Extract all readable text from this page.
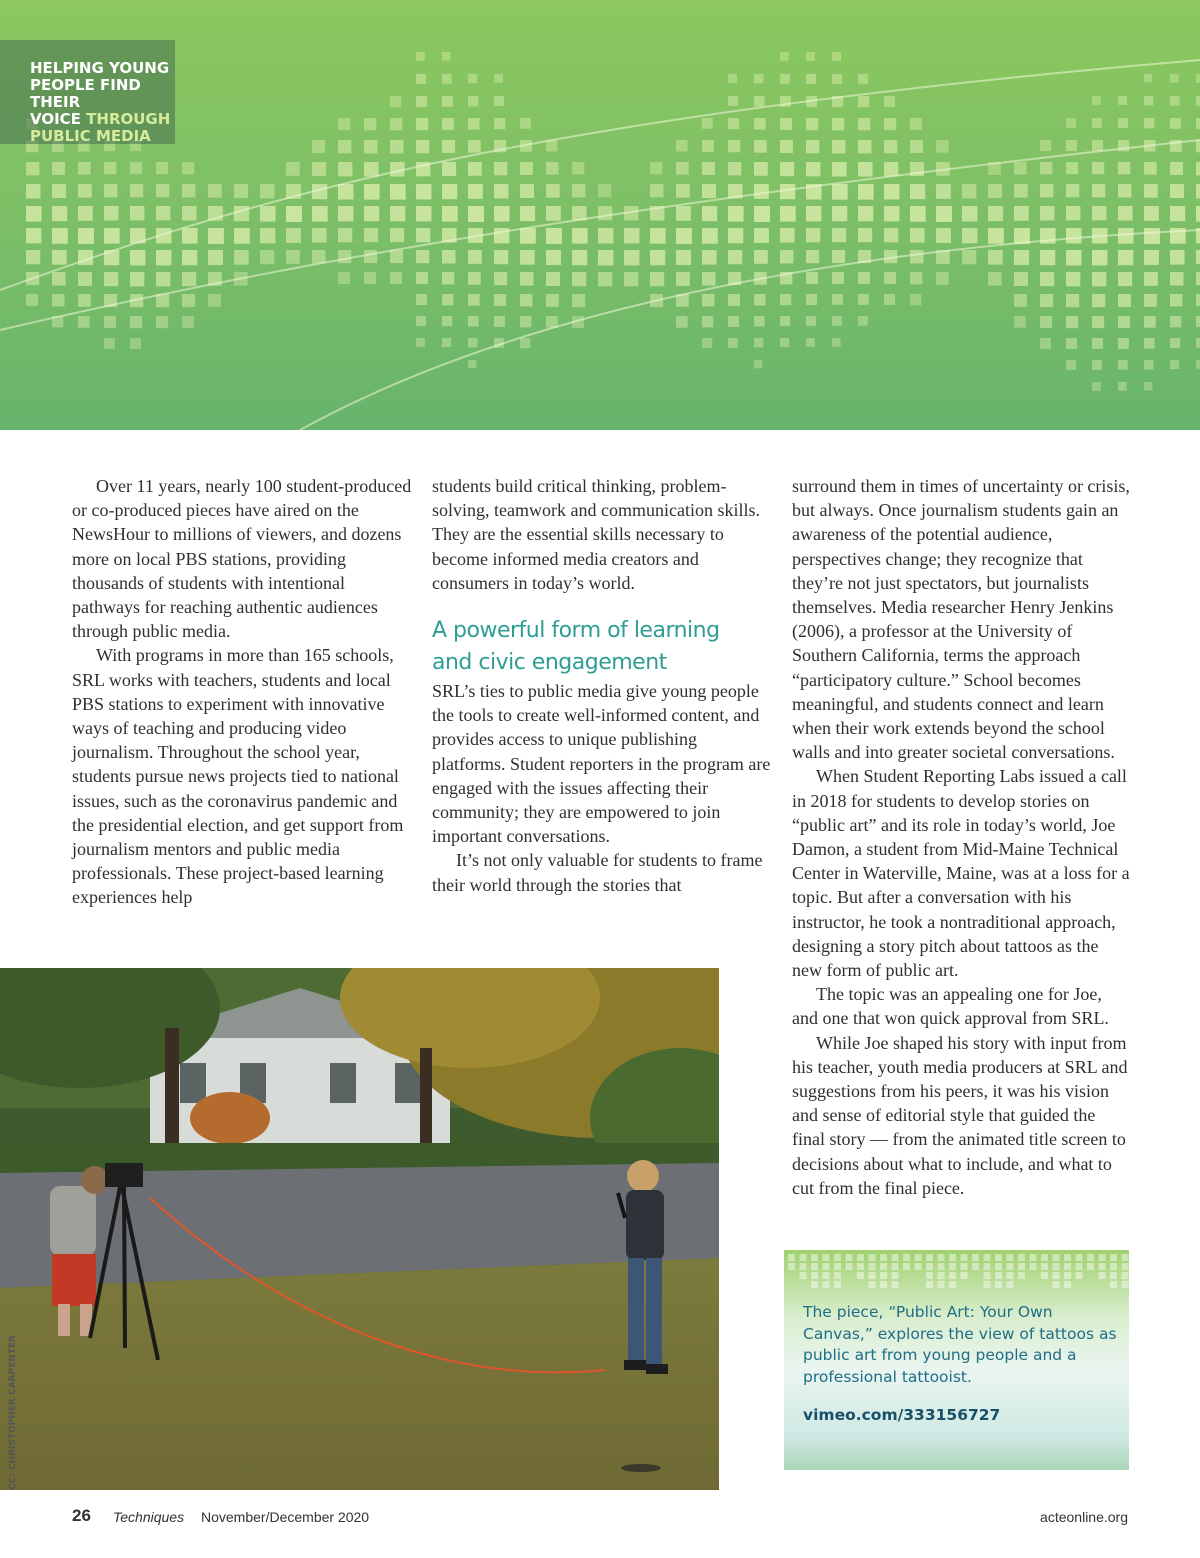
HELPING YOUNG
PEOPLE FIND THEIR
VOICE THROUGH
PUBLIC MEDIA

Over 11 years, nearly 100 student-produced or co-produced pieces have aired on the NewsHour to millions of viewers, and dozens more on local PBS stations, providing thousands of students with intentional pathways for reaching authentic audiences through public media.

With programs in more than 165 schools, SRL works with teachers, students and local PBS stations to experiment with innovative ways of teaching and producing video journalism. Throughout the school year, students pursue news projects tied to national issues, such as the coronavirus pandemic and the presidential election, and get support from journalism mentors and public media professionals. These project-based learning experiences help

students build critical thinking, problem-solving, teamwork and communication skills. They are the essential skills necessary to become informed media creators and consumers in today’s world.

A powerful form of learning
and civic engagement

SRL’s ties to public media give young people the tools to create well-informed content, and provides access to unique publishing platforms. Student reporters in the program are engaged with the issues affecting their community; they are empowered to join important conversations.

It’s not only valuable for students to frame their world through the stories that

surround them in times of uncertainty or crisis, but always. Once journalism students gain an awareness of the potential audience, perspectives change; they recognize that they’re not just spectators, but journalists themselves. Media researcher Henry Jenkins (2006), a professor at the University of Southern California, terms the approach “participatory culture.” School becomes meaningful, and students connect and learn when their work extends beyond the school walls and into greater societal conversations.

When Student Reporting Labs issued a call in 2018 for students to develop stories on “public art” and its role in today’s world, Joe Damon, a student from Mid-Maine Technical Center in Waterville, Maine, was at a loss for a topic. But after a conversation with his instructor, he took a nontraditional approach, designing a story pitch about tattoos as the new form of public art.

The topic was an appealing one for Joe, and one that won quick approval from SRL.

While Joe shaped his story with input from his teacher, youth media producers at SRL and suggestions from his peers, it was his vision and sense of editorial style that guided the final story — from the animated title screen to decisions about what to include, and what to cut from the final piece.

CC: CHRISTOPHER CARPENTER
The piece, “Public Art: Your Own Canvas,” explores the view of tattoos as public art from young people and a professional tattooist.
vimeo.com/333156727
26 Techniques November/December 2020	acteonline.org
